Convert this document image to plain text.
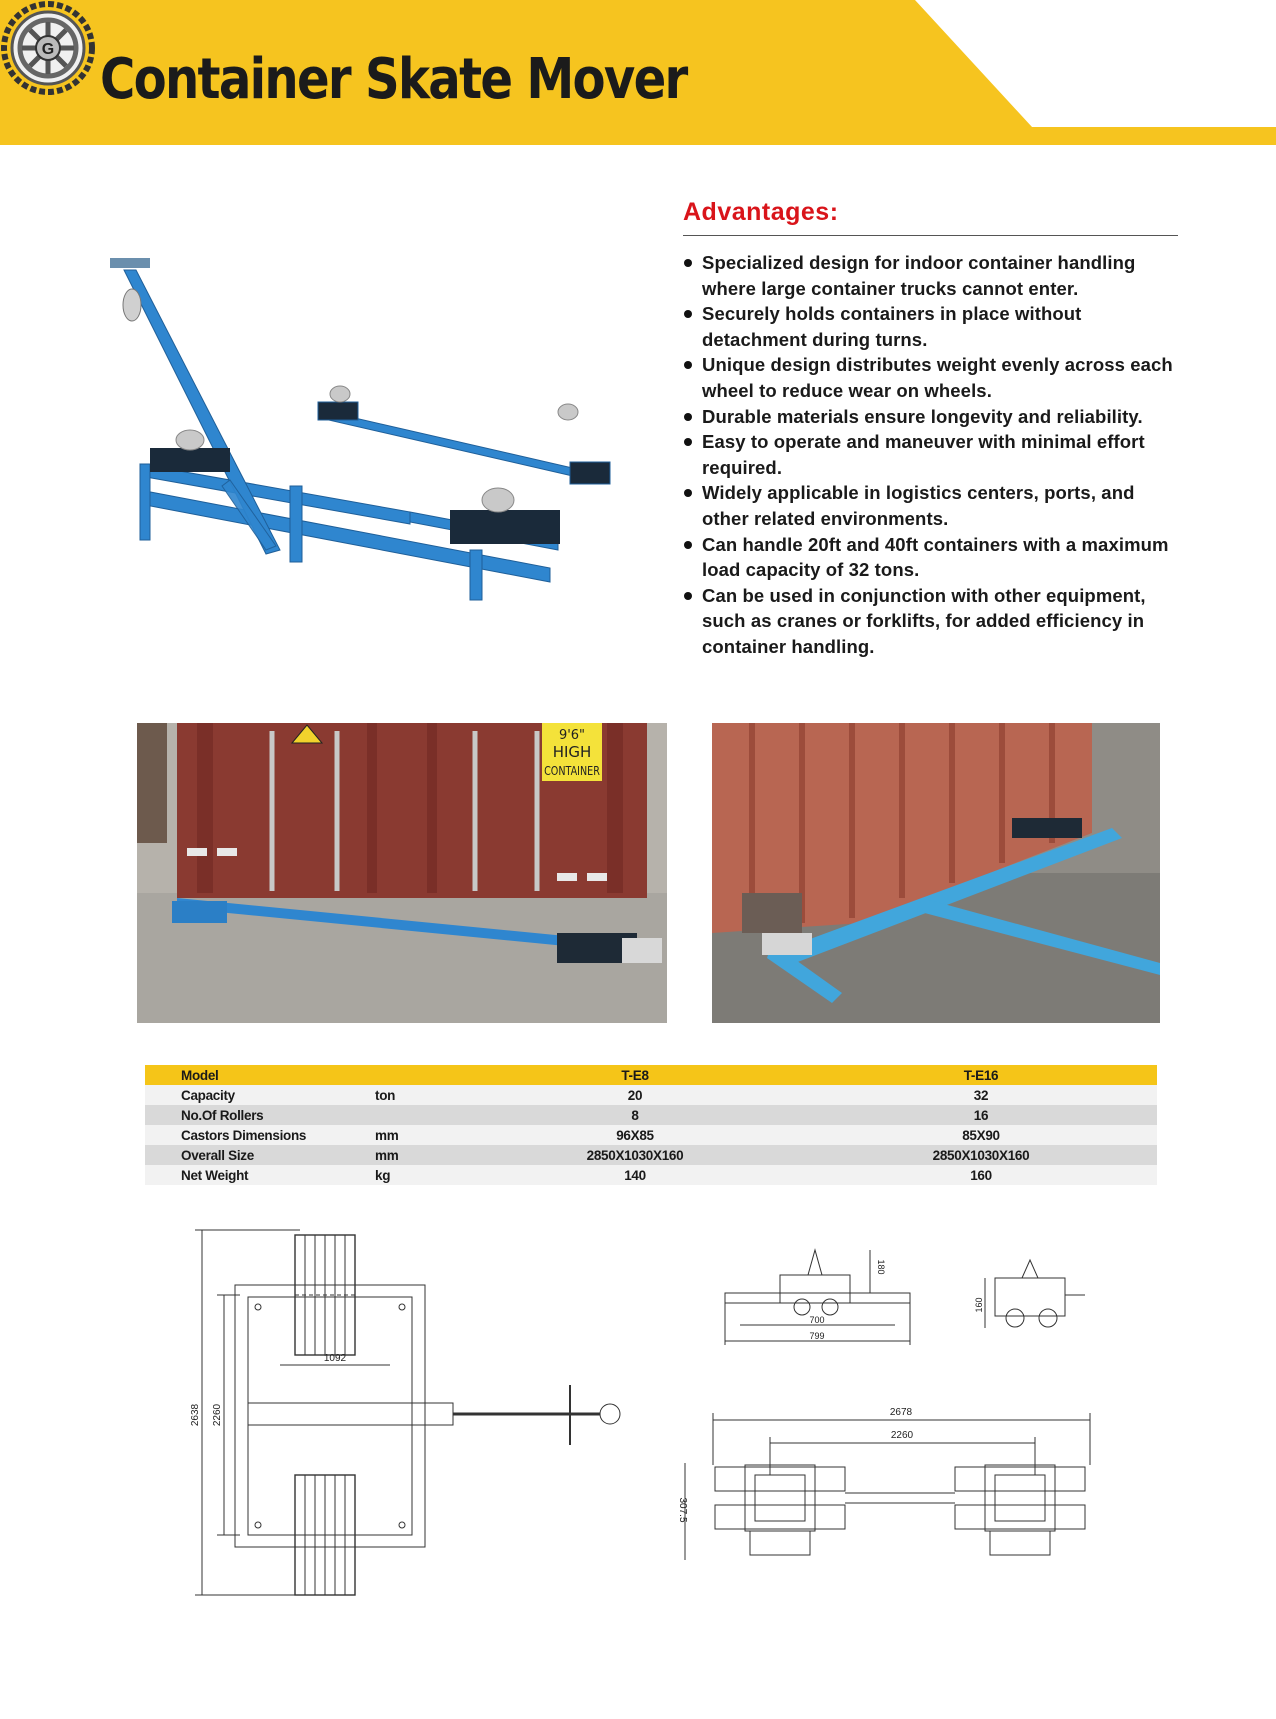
Container Skate Mover
G
Advantages:
Specialized design for indoor container handling where large container trucks cannot enter.
Securely holds containers in place without detachment during turns.
Unique design distributes weight evenly across each wheel to reduce wear on wheels.
Durable materials ensure longevity and reliability.
Easy to operate and maneuver with minimal effort required.
Widely applicable in logistics centers, ports, and other related environments.
Can handle 20ft and 40ft containers with a maximum load capacity of 32 tons.
Can be used in conjunction with other equipment, such as cranes or forklifts, for added efficiency in container handling.
9'6"
HIGH
CONTAINER
	Model		T-E8	T-E16
	Capacity	ton	20	32
	No.Of Rollers		8	16
	Castors Dimensions	mm	96X85	85X90
	Overall Size	mm	2850X1030X160	2850X1030X160
	Net Weight	kg	140	160
1092
2638 2260
700
799
180
160
2678
2260
307.5
